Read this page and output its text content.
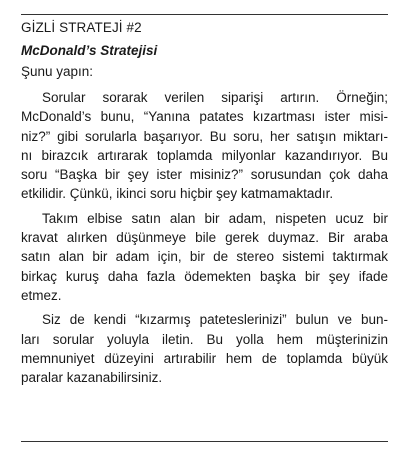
GİZLİ STRATEJİ #2
McDonald’s Stratejisi
Şunu yapın:

Sorular sorarak verilen siparişi artırın. Örneğin;
McDonald’s bunu, “Yanına patates kızartması ister misi-
niz?” gibi sorularla başarıyor. Bu soru, her satışın miktarı-
nı birazcık artırarak toplamda milyonlar kazandırıyor. Bu
soru “Başka bir şey ister misiniz?” sorusundan çok daha
etkilidir. Çünkü, ikinci soru hiçbir şey katmamaktadır.

Takım elbise satın alan bir adam, nispeten ucuz bir
kravat alırken düşünmeye bile gerek duymaz. Bir araba
satın alan bir adam için, bir de stereo sistemi taktırmak
birkaç kuruş daha fazla ödemekten başka bir şey ifade
etmez.

Siz de kendi “kızarmış pateteslerinizi” bulun ve bun-
ları sorular yoluyla iletin. Bu yolla hem müşterinizin
memnuniyet düzeyini artırabilir hem de toplamda büyük
paralar kazanabilirsiniz.
